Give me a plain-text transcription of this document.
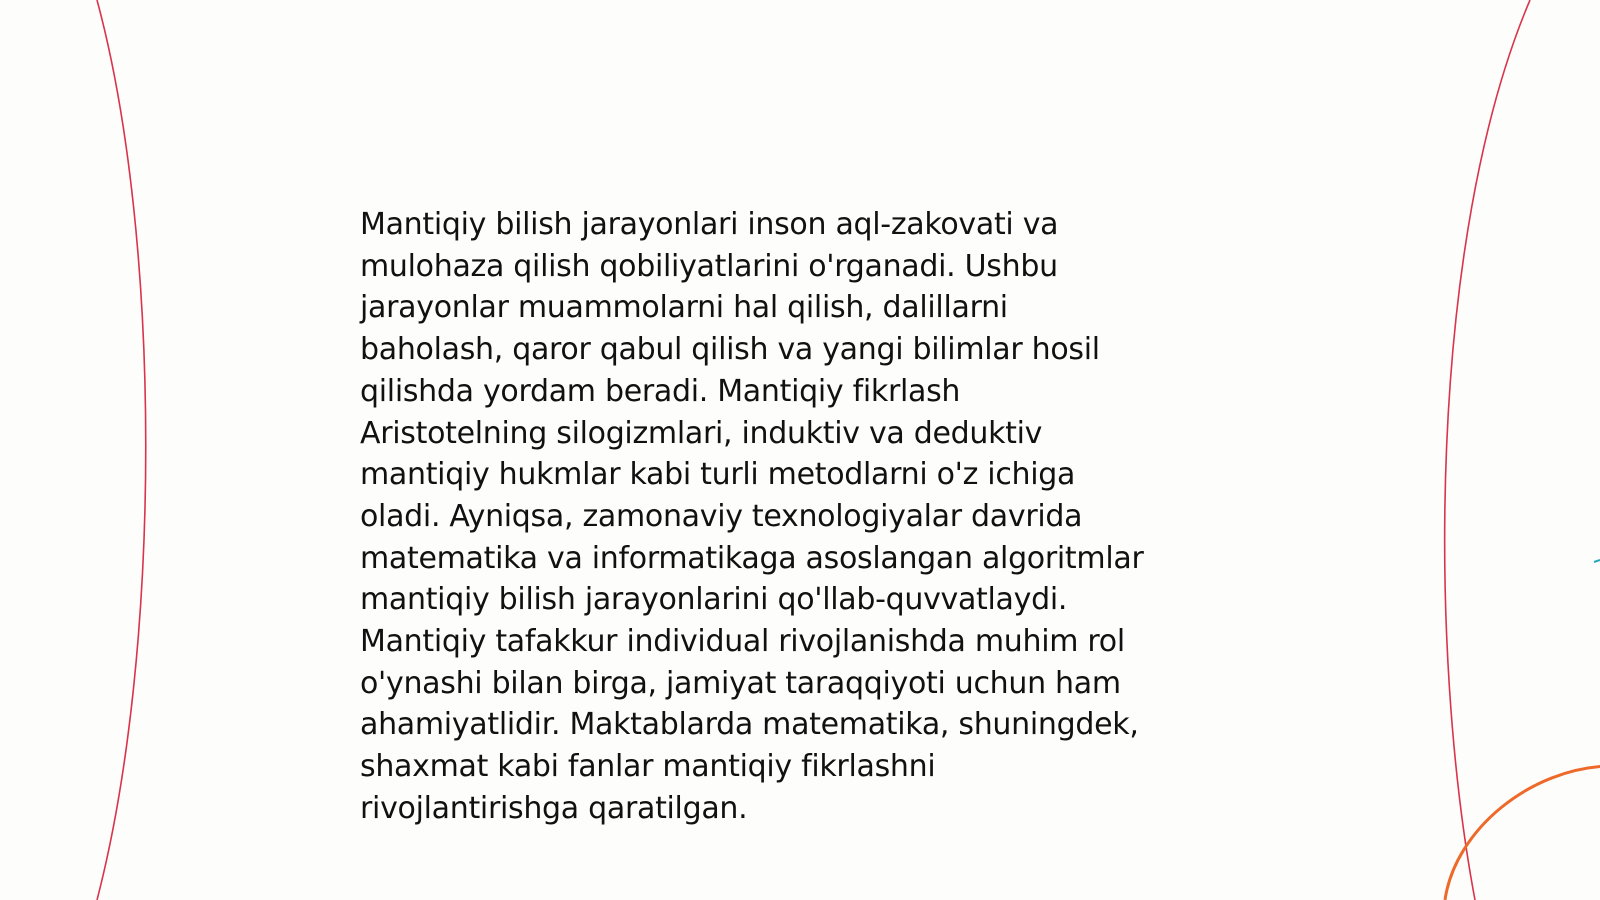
Mantiqiy bilish jarayonlari inson aql-zakovati va
mulohaza qilish qobiliyatlarini o'rganadi. Ushbu
jarayonlar muammolarni hal qilish, dalillarni
baholash, qaror qabul qilish va yangi bilimlar hosil
qilishda yordam beradi. Mantiqiy fikrlash
Aristotelning silogizmlari, induktiv va deduktiv
mantiqiy hukmlar kabi turli metodlarni o'z ichiga
oladi. Ayniqsa, zamonaviy texnologiyalar davrida
matematika va informatikaga asoslangan algoritmlar
mantiqiy bilish jarayonlarini qo'llab-quvvatlaydi.
Mantiqiy tafakkur individual rivojlanishda muhim rol
o'ynashi bilan birga, jamiyat taraqqiyoti uchun ham
ahamiyatlidir. Maktablarda matematika, shuningdek,
shaxmat kabi fanlar mantiqiy fikrlashni
rivojlantirishga qaratilgan.
